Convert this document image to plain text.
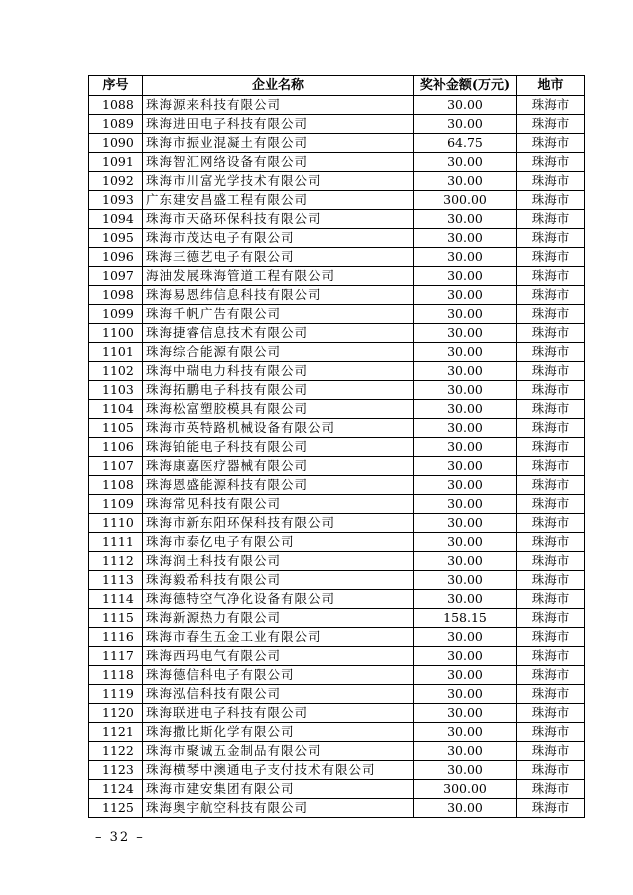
序号	企业名称	奖补金额(万元)	地市
1088	珠海源来科技有限公司	30.00	珠海市
1089	珠海进田电子科技有限公司	30.00	珠海市
1090	珠海市振业混凝土有限公司	64.75	珠海市
1091	珠海智汇网络设备有限公司	30.00	珠海市
1092	珠海市川富光学技术有限公司	30.00	珠海市
1093	广东建安昌盛工程有限公司	300.00	珠海市
1094	珠海市天硌环保科技有限公司	30.00	珠海市
1095	珠海市茂达电子有限公司	30.00	珠海市
1096	珠海三德艺电子有限公司	30.00	珠海市
1097	海油发展珠海管道工程有限公司	30.00	珠海市
1098	珠海易恩纬信息科技有限公司	30.00	珠海市
1099	珠海千帆广告有限公司	30.00	珠海市
1100	珠海捷睿信息技术有限公司	30.00	珠海市
1101	珠海综合能源有限公司	30.00	珠海市
1102	珠海中瑞电力科技有限公司	30.00	珠海市
1103	珠海拓鹏电子科技有限公司	30.00	珠海市
1104	珠海松富塑胶模具有限公司	30.00	珠海市
1105	珠海市英特路机械设备有限公司	30.00	珠海市
1106	珠海铂能电子科技有限公司	30.00	珠海市
1107	珠海康嘉医疗器械有限公司	30.00	珠海市
1108	珠海恩盛能源科技有限公司	30.00	珠海市
1109	珠海常见科技有限公司	30.00	珠海市
1110	珠海市新东阳环保科技有限公司	30.00	珠海市
1111	珠海市泰亿电子有限公司	30.00	珠海市
1112	珠海润土科技有限公司	30.00	珠海市
1113	珠海毅希科技有限公司	30.00	珠海市
1114	珠海德特空气净化设备有限公司	30.00	珠海市
1115	珠海新源热力有限公司	158.15	珠海市
1116	珠海市春生五金工业有限公司	30.00	珠海市
1117	珠海西玛电气有限公司	30.00	珠海市
1118	珠海德信科电子有限公司	30.00	珠海市
1119	珠海泓信科技有限公司	30.00	珠海市
1120	珠海联进电子科技有限公司	30.00	珠海市
1121	珠海撒比斯化学有限公司	30.00	珠海市
1122	珠海市聚诚五金制品有限公司	30.00	珠海市
1123	珠海横琴中澳通电子支付技术有限公司	30.00	珠海市
1124	珠海市建安集团有限公司	300.00	珠海市
1125	珠海奥宇航空科技有限公司	30.00	珠海市
– 32 –
